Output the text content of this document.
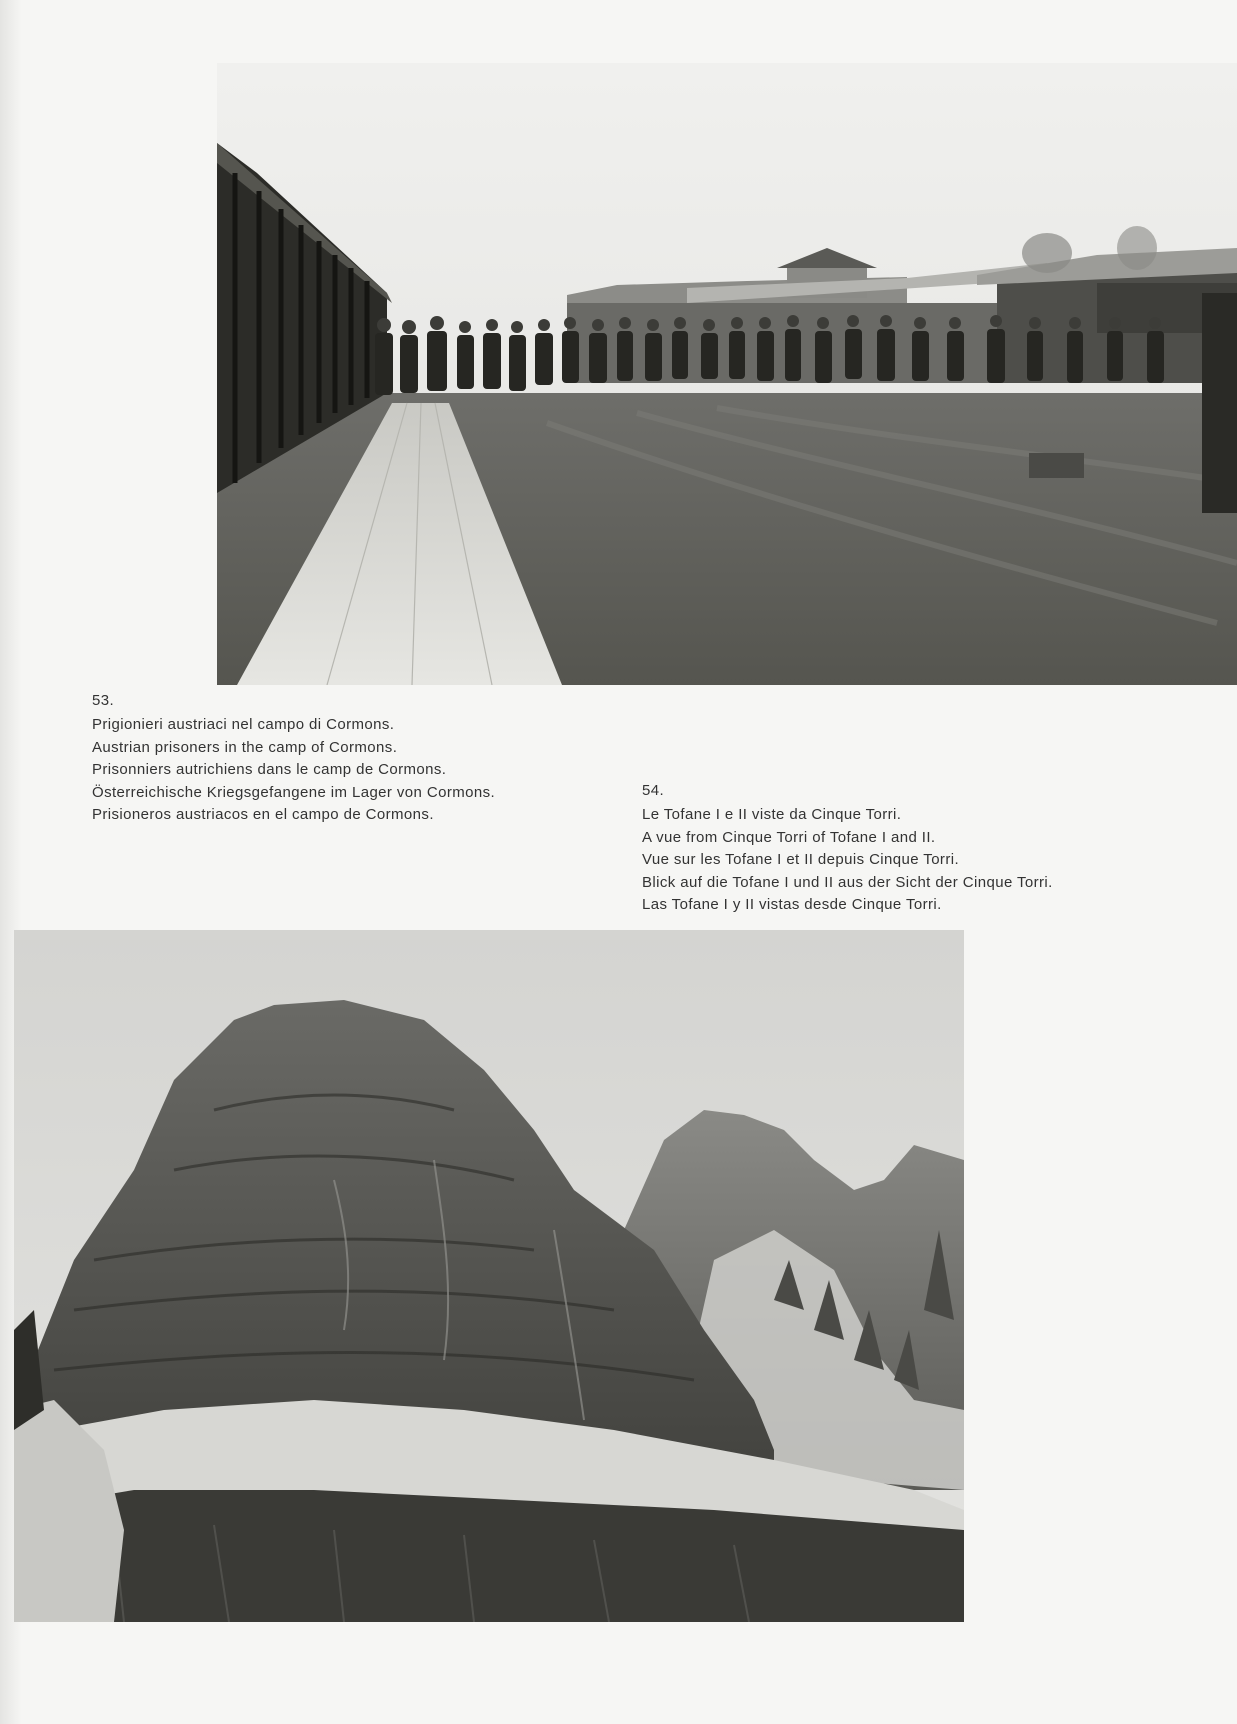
53.
Prigionieri austriaci nel campo di Cormons.
Austrian prisoners in the camp of Cormons.
Prisonniers autrichiens dans le camp de Cormons.
Österreichische Kriegsgefangene im Lager von Cormons.
Prisioneros austriacos en el campo de Cormons.
54.
Le Tofane I e II viste da Cinque Torri.
A vue from Cinque Torri of Tofane I and II.
Vue sur les Tofane I et II depuis Cinque Torri.
Blick auf die Tofane I und II aus der Sicht der Cinque Torri.
Las Tofane I y II vistas desde Cinque Torri.
